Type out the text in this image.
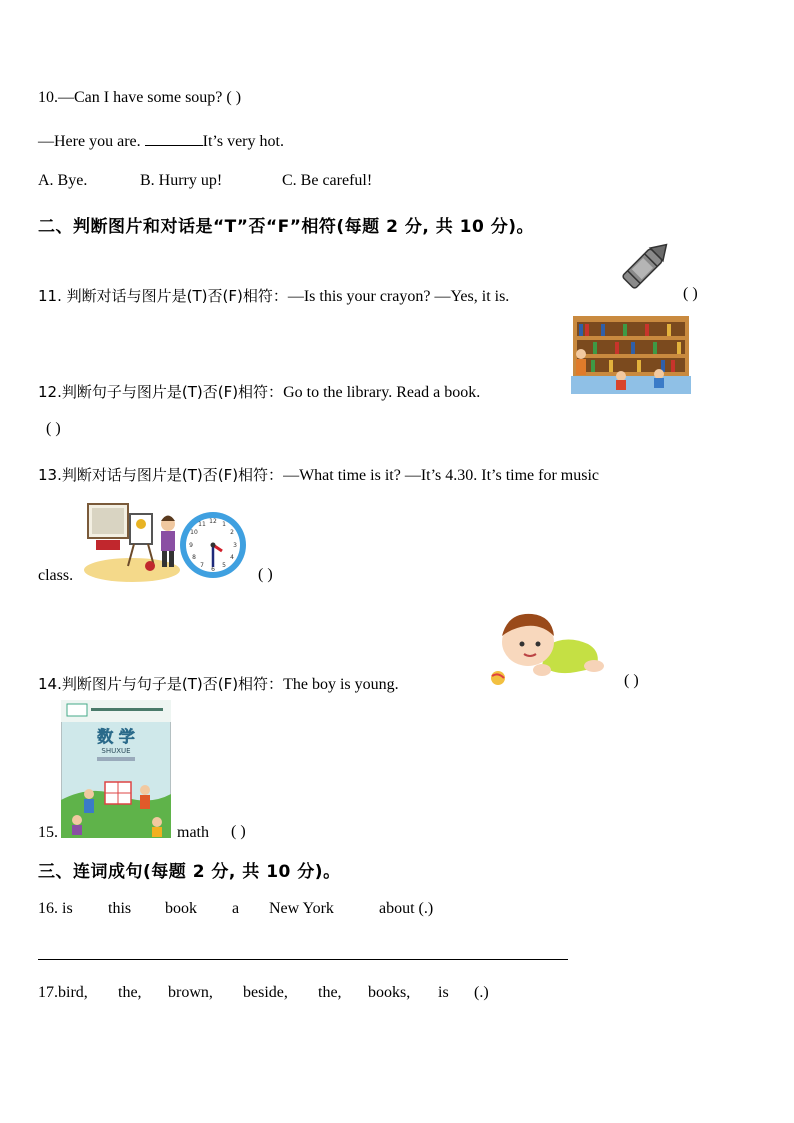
10.—Can I have some soup? ( )
—Here you are.	It’s very hot.
A. Bye.	B. Hurry up!	C. Be careful!
二、判断图片和对话是“T”否“F”相符(每题 2 分, 共 10 分)。
11. 判断对话与图片是(T)否(F)相符：—Is this your crayon? —Yes, it is.	( )
12.判断句子与图片是(T)否(F)相符：Go to the library. Read a book.
( )
13.判断对话与图片是(T)否(F)相符：—What time is it? —It’s 4.30. It’s time for music
12 1
2
3
4
5
6
7
8
9
10
11
class.	( )
14.判断图片与句子是(T)否(F)相符：The boy is young.	( )
15.
数 学
SHUXUE
math ( )
三、连词成句(每题 2 分, 共 10 分)。
16. is this book a New York	about (.)
17.bird, the, brown, beside, the, books, is (.)
